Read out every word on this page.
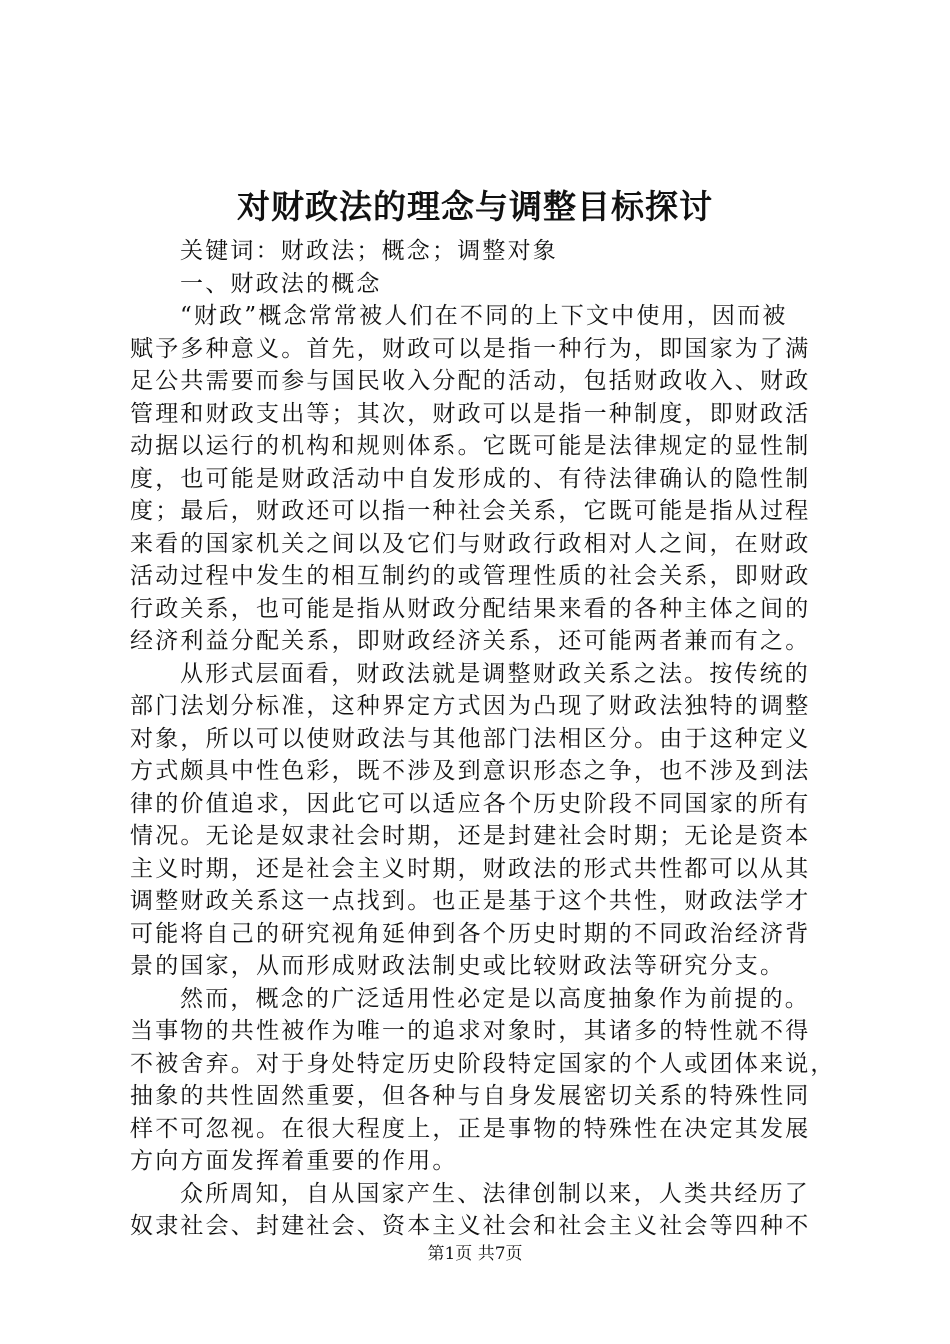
对财政法的理念与调整目标探讨
关键词：财政法；概念；调整对象
一、财政法的概念
“财政”概念常常被人们在不同的上下文中使用，因而被
赋予多种意义。首先，财政可以是指一种行为，即国家为了满
足公共需要而参与国民收入分配的活动，包括财政收入、财政
管理和财政支出等；其次，财政可以是指一种制度，即财政活
动据以运行的机构和规则体系。它既可能是法律规定的显性制
度，也可能是财政活动中自发形成的、有待法律确认的隐性制
度；最后，财政还可以指一种社会关系，它既可能是指从过程
来看的国家机关之间以及它们与财政行政相对人之间，在财政
活动过程中发生的相互制约的或管理性质的社会关系，即财政
行政关系，也可能是指从财政分配结果来看的各种主体之间的
经济利益分配关系，即财政经济关系，还可能两者兼而有之。
从形式层面看，财政法就是调整财政关系之法。按传统的
部门法划分标准，这种界定方式因为凸现了财政法独特的调整
对象，所以可以使财政法与其他部门法相区分。由于这种定义
方式颇具中性色彩，既不涉及到意识形态之争，也不涉及到法
律的价值追求，因此它可以适应各个历史阶段不同国家的所有
情况。无论是奴隶社会时期，还是封建社会时期；无论是资本
主义时期，还是社会主义时期，财政法的形式共性都可以从其
调整财政关系这一点找到。也正是基于这个共性，财政法学才
可能将自己的研究视角延伸到各个历史时期的不同政治经济背
景的国家，从而形成财政法制史或比较财政法等研究分支。
然而，概念的广泛适用性必定是以高度抽象作为前提的。
当事物的共性被作为唯一的追求对象时，其诸多的特性就不得
不被舍弃。对于身处特定历史阶段特定国家的个人或团体来说，
抽象的共性固然重要，但各种与自身发展密切关系的特殊性同
样不可忽视。在很大程度上，正是事物的特殊性在决定其发展
方向方面发挥着重要的作用。
众所周知，自从国家产生、法律创制以来，人类共经历了
奴隶社会、封建社会、资本主义社会和社会主义社会等四种不

第1页 共7页
